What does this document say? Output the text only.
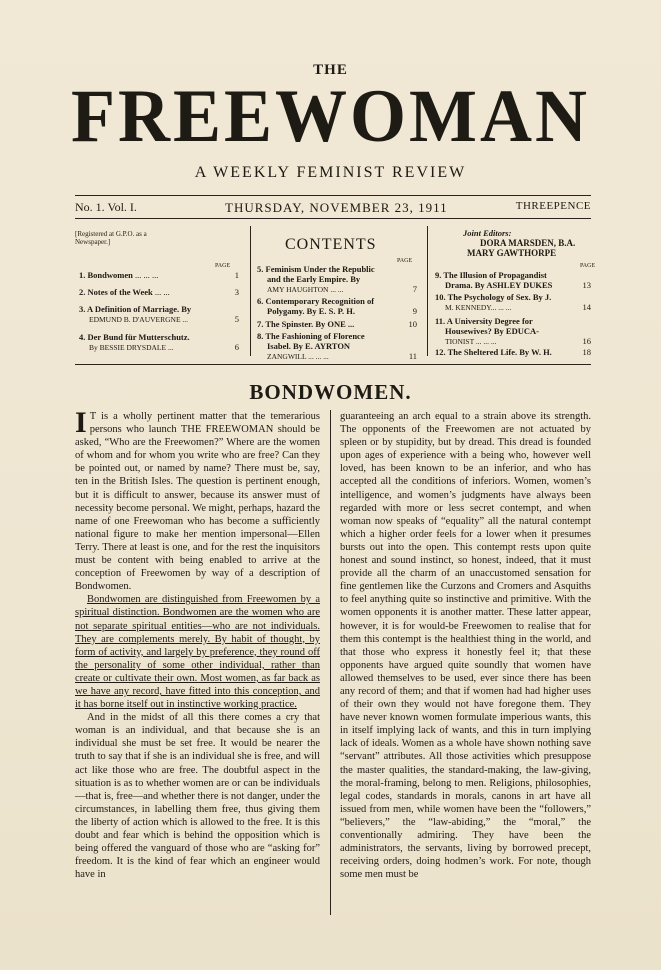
THE
FREEWOMAN
A WEEKLY FEMINIST REVIEW
No. 1. Vol. I.	THURSDAY, NOVEMBER 23, 1911	THREEPENCE
[Registered at G.P.O. as a Newspaper.]	CONTENTS
PAGE
PAGE
PAGE
Joint Editors:
DORA MARSDEN, B.A.
MARY GAWTHORPE
1. Bondwomen ... ... ...	1
2. Notes of the Week ... ...	3
3. A Definition of Marriage. By
EDMUND B. D'AUVERGNE ...	5
4. Der Bund für Mutterschutz.
By BESSIE DRYSDALE ...	6
5. Feminism Under the Republic
and the Early Empire. By
AMY HAUGHTON ... ...	7
6. Contemporary Recognition of
Polygamy. By E. S. P. H.	9
7. The Spinster. By ONE ...	10
8. The Fashioning of Florence
Isabel. By E. AYRTON
ZANGWILL ... ... ...	11
9. The Illusion of Propagandist
Drama. By ASHLEY DUKES	13
10. The Psychology of Sex. By J.
M. KENNEDY... ... ...	14
11. A University Degree for
Housewives? By EDUCA-
TIONIST ... ... ...	16
12. The Sheltered Life. By W. H.	18
BONDWOMEN.

I T is a wholly pertinent matter that the temerarious persons who launch THE FREEWOMAN should be asked, “Who are the Freewomen?” Where are the women of whom and for whom you write who are free? Can they be pointed out, or named by name? There must be, say, ten in the British Isles. The question is pertinent enough, but it is difficult to answer, because its answer must of necessity become personal. We might, perhaps, hazard the name of one Freewoman who has become a sufficiently national figure to make her mention impersonal—Ellen Terry. There at least is one, and for the rest the inquisitors must be content with being enabled to arrive at the conception of Freewomen by way of a description of Bondwomen.

Bondwomen are distinguished from Freewomen by a spiritual distinction. Bondwomen are the women who are not separate spiritual entities—who are not individuals. They are complements merely. By habit of thought, by form of activity, and largely by preference, they round off the personality of some other individual, rather than create or cultivate their own. Most women, as far back as we have any record, have fitted into this conception, and it has borne itself out in instinctive working practice.

And in the midst of all this there comes a cry that woman is an individual, and that because she is an individual she must be set free. It would be nearer the truth to say that if she is an individual she is free, and will act like those who are free. The doubtful aspect in the situation is as to whether women are or can be individuals—that is, free—and whether there is not danger, under the circumstances, in labelling them free, thus giving them the liberty of action which is allowed to the free. It is this doubt and fear which is behind the opposition which is being offered the vanguard of those who are “asking for” freedom. It is the kind of fear which an engineer would have in

guaranteeing an arch equal to a strain above its strength. The opponents of the Freewomen are not actuated by spleen or by stupidity, but by dread. This dread is founded upon ages of experience with a being who, however well loved, has been known to be an inferior, and who has accepted all the conditions of inferiors. Women, women’s intelligence, and women’s judgments have always been regarded with more or less secret contempt, and when woman now speaks of “equality” all the natural contempt which a higher order feels for a lower when it presumes bursts out into the open. This contempt rests upon quite honest and sound instinct, so honest, indeed, that it must provide all the charm of an unaccustomed sensation for fine gentlemen like the Curzons and Cromers and Asquiths to feel anything quite so instinctive and primitive. With the women opponents it is another matter. These latter appear, however, it is for would-be Freewomen to realise that for them this contempt is the healthiest thing in the world, and that those who express it honestly feel it; that these opponents have argued quite soundly that women have allowed themselves to be used, ever since there has been any record of them; and that if women had had higher uses of their own they would not have foregone them. They have never known women formulate imperious wants, this in itself implying lack of wants, and this in turn implying lack of ideals. Women as a whole have shown nothing save “servant” attributes. All those activities which presuppose the master qualities, the standard-making, the law-giving, the moral-framing, belong to men. Religions, philosophies, legal codes, standards in morals, canons in art have all issued from men, while women have been the “followers,” “believers,” the “law-abiding,” the “moral,” the conventionally admiring. They have been the administrators, the servants, living by borrowed precept, receiving orders, doing hodmen’s work. For note, though some men must be
